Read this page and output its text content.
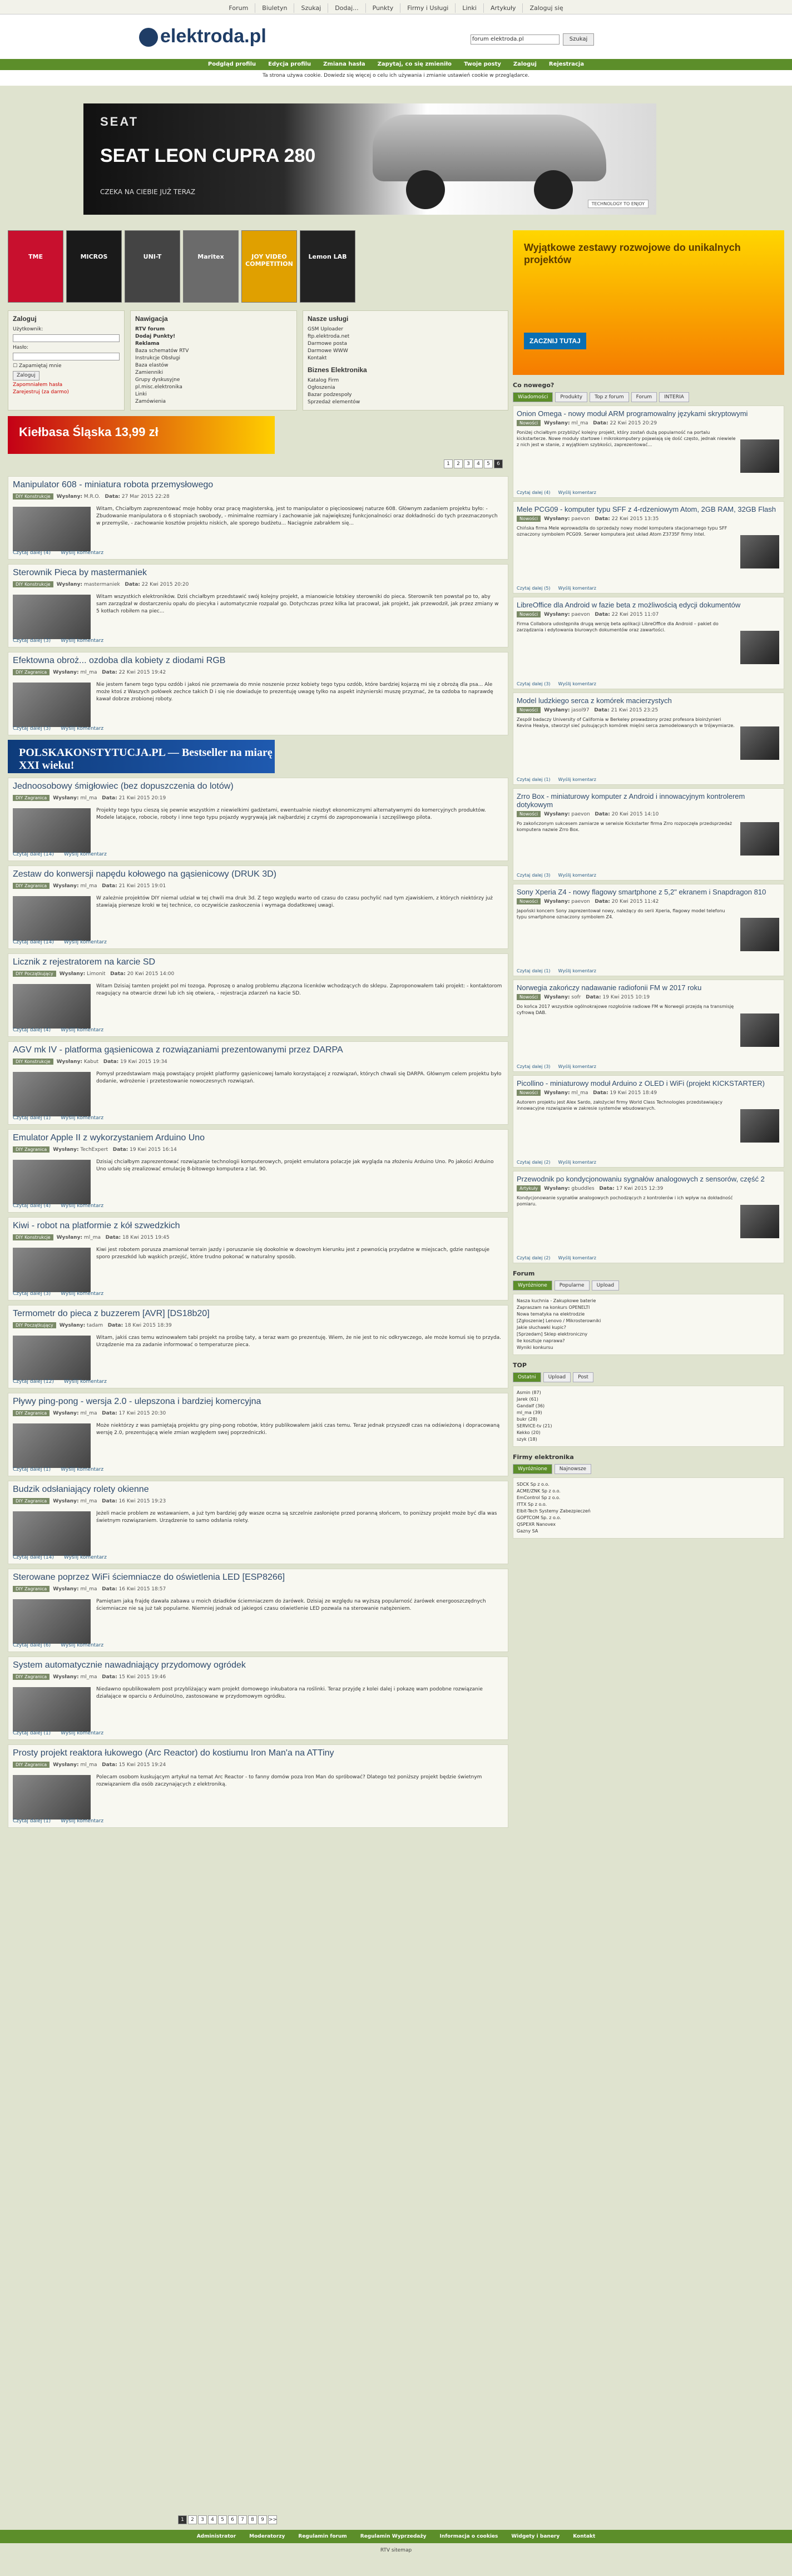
Forum Biuletyn Szukaj Dodaj... Punkty Firmy i Usługi Linki Artykuły Zaloguj się
elektroda.pl	forum elektroda.pl	Szukaj
Podgląd profilu Edycja profilu Zmiana hasła Zapytaj, co się zmieniło Twoje posty Zaloguj Rejestracja
Ta strona używa cookie. Dowiedz się więcej o celu ich używania i zmianie ustawień cookie w przeglądarce.
SEAT
SEAT LEON CUPRA 280
CZEKA NA CIEBIE JUŻ TERAZ
TECHNOLOGY TO ENJOY
TME	MICROS	UNI-T	Maritex	JOY VIDEO COMPETITION
Lemon LAB
Zaloguj
Użytkownik:
Hasło:
☐ Zapamiętaj mnie
Zaloguj
Zapomniałem hasła
Zarejestruj (za darmo)
Nawigacja
RTV forum
Dodaj Punkty!
Reklama
Baza schematów RTV
Instrukcje Obsługi
Baza elastów
Zamienniki
Grupy dyskusyjne
pl.misc.elektronika
Linki
Zamówienia
Nasze usługi
GSM Uploader
ftp.elektroda.net
Darmowe posta
Darmowe WWW
Kontakt
Biznes Elektronika
Katalog Firm
Ogłoszenia
Bazar podzespoły
Sprzedaż elementów
Kiełbasa Śląska 13,99 zł
1 2 3 4 5 6
Manipulator 608 - miniatura robota przemysłowego
DIY Konstrukcje Wysłany: M.R.O. Data: 27 Mar 2015 22:28
Witam, Chciałbym zaprezentować moje hobby oraz pracę magisterską, jest to manipulator o pięcioosiowej naturze 608. Głównym zadaniem projektu było: - Zbudowanie manipulatora o 6 stopniach swobody, - minimalne rozmiary i zachowanie jak największej funkcjonalności oraz dokładności do tych przeznaczonych w przemyśle, - zachowanie kosztów projektu niskich, ale sporego budżetu... Naciągnie zabrakłem się...
Czytaj dalej (4) Wyślij komentarz
Sterownik Pieca by mastermaniek
DIY Konstrukcje Wysłany: mastermaniek Data: 22 Kwi 2015 20:20
Witam wszystkich elektroników. Dziś chciałbym przedstawić swój kolejny projekt, a mianowicie łotskiey sterowniki do pieca. Sterownik ten powstał po to, aby sam zarządzał w dostarczeniu opału do piecyka i automatycznie rozpalał go. Dotychczas przez kilka lat pracował, jak projekt, jak przewodził, jak przez zmiany w 5 kotłach robiłem na piec...
Czytaj dalej (3) Wyślij komentarz
Efektowna obroż... ozdoba dla kobiety z diodami RGB
DIY Zagranica Wysłany: ml_ma Data: 22 Kwi 2015 19:42
Nie jestem fanem tego typu ozdób i jakoś nie przemawia do mnie noszenie przez kobiety tego typu ozdób, które bardziej kojarzą mi się z obrożą dla psa... Ale może ktoś z Waszych połówek zechce takich D i się nie dowiaduje to prezentuję uwagę tylko na aspekt inżynierski muszę przyznać, że ta ozdoba to naprawdę kawał dobrze zrobionej roboty.
Czytaj dalej (3) Wyślij komentarz
POLSKAKONSTYTUCJA.PL — Bestseller na miarę XXI wieku!
Jednoosobowy śmigłowiec (bez dopuszczenia do lotów)
DIY Zagranica Wysłany: ml_ma Data: 21 Kwi 2015 20:19
Projekty tego typu cieszą się pewnie wszystkim z niewielkimi gadżetami, ewentualnie niezbyt ekonomicznymi alternatywnymi do komercyjnych produktów. Modele latające, robocie, roboty i inne tego typu pojazdy wygrywają jak najbardziej z czymś do zaproponowania i szczęśliwego pilota.
Czytaj dalej (14) Wyślij komentarz
Zestaw do konwersji napędu kołowego na gąsienicowy (DRUK 3D)
DIY Zagranica Wysłany: ml_ma Data: 21 Kwi 2015 19:01
W zależnie projektów DIY niemal udział w tej chwili ma druk 3d. Z tego względu warto od czasu do czasu pochylić nad tym zjawiskiem, z których niektórzy już stawiają pierwsze kroki w tej technice, co oczywiście zaskoczenia i wymaga dodatkowej uwagi.
Czytaj dalej (14) Wyślij komentarz
Licznik z rejestratorem na karcie SD
DIY Początkujący Wysłany: Limonit Data: 20 Kwi 2015 14:00
Witam Dzisiaj tamten projekt pol mi tozoga. Poproszę o analog problemu złączona licenków wchodzących do sklepu. Zaproponowałem taki projekt: - kontaktorom reagujący na otwarcie drzwi lub ich się otwiera, - rejestracja zdarzeń na kacie SD.
Czytaj dalej (4) Wyślij komentarz
AGV mk IV - platforma gąsienicowa z rozwiązaniami prezentowanymi przez DARPA
DIY Konstrukcje Wysłany: Kabut Data: 19 Kwi 2015 19:34
Pomysł przedstawiam mają powstający projekt platformy gąsienicowej łamało korzystającej z rozwiązań, których chwali się DARPA. Głównym celem projektu było dodanie, wdrożenie i przetestowanie nowoczesnych rozwiązań.
Czytaj dalej (1) Wyślij komentarz
Emulator Apple II z wykorzystaniem Arduino Uno
DIY Zagranica Wysłany: TechExpert Data: 19 Kwi 2015 16:14
Dzisiaj chciałbym zaprezentować rozwiązanie technologii komputerowych, projekt emulatora polaczje jak wygląda na złożeniu Arduino Uno. Po jakości Arduino Uno udało się zrealizować emulację 8-bitowego komputera z lat. 90.
Czytaj dalej (4) Wyślij komentarz
Kiwi - robot na platformie z kół szwedzkich
DIY Konstrukcje Wysłany: ml_ma Data: 18 Kwi 2015 19:45
Kiwi jest robotem porusza znamionał terrain jazdy i poruszanie się dookolnie w dowolnym kierunku jest z pewnością przydatne w miejscach, gdzie następuje sporo przeszkód lub wąskich przejść, które trudno pokonać w naturalny sposób.
Czytaj dalej (3) Wyślij komentarz
Termometr do pieca z buzzerem [AVR] [DS18b20]
DIY Początkujący Wysłany: tadam Data: 18 Kwi 2015 18:39
Witam, jakiś czas temu wzinowałem tabi projekt na prośbę taty, a teraz wam go prezentuję. Wiem, że nie jest to nic odkrywczego, ale może komuś się to przyda. Urządzenie ma za zadanie informować o temperaturze pieca.
Czytaj dalej (12) Wyślij komentarz
Pływy ping-pong - wersja 2.0 - ulepszona i bardziej komercyjna
DIY Zagranica Wysłany: ml_ma Data: 17 Kwi 2015 20:30
Może niektórzy z was pamiętają projektu gry ping-pong robotów, który publikowałem jakiś czas temu. Teraz jednak przyszedł czas na odświeżoną i dopracowaną wersję 2.0, prezentującą wiele zmian względem swej poprzedniczki.
Czytaj dalej (1) Wyślij komentarz
Budzik odsłaniający rolety okienne
DIY Zagranica Wysłany: ml_ma Data: 16 Kwi 2015 19:23
Jeżeli macie problem ze wstawaniem, a już tym bardziej gdy wasze oczna są szczelnie zasłonięte przed poranną słońcem, to poniższy projekt może być dla was świetnym rozwiązaniem. Urządzenie to samo odsłania rolety.
Czytaj dalej (14) Wyślij komentarz
Sterowane poprzez WiFi ściemniacze do oświetlenia LED [ESP8266]
DIY Zagranica Wysłany: ml_ma Data: 16 Kwi 2015 18:57
Pamiętam jaką frajdę dawała zabawa u moich dziadków ściemniaczem do żarówek. Dzisiaj ze względu na wyższą popularność żarówek energooszczędnych ściemniacze nie są już tak popularne. Niemniej jednak od jakiegoś czasu oświetlenie LED pozwala na sterowanie natężeniem.
Czytaj dalej (6) Wyślij komentarz
System automatycznie nawadniający przydomowy ogródek
DIY Zagranica Wysłany: ml_ma Data: 15 Kwi 2015 19:46
Niedawno opublikowałem post przybliżający wam projekt domowego inkubatora na roślinki. Teraz przyjdę z kolei dalej i pokazę wam podobne rozwiązanie działające w oparciu o ArduinoUno, zastosowane w przydomowym ogródku.
Czytaj dalej (1) Wyślij komentarz
Prosty projekt reaktora łukowego (Arc Reactor) do kostiumu Iron Man'a na ATTiny
DIY Zagranica Wysłany: ml_ma Data: 15 Kwi 2015 19:24
Polecam osobom kuskującym artykuł na temat Arc Reactor - to fanny domów poza Iron Man do spróbować? Dlatego też poniższy projekt będzie świetnym rozwiązaniem dla osób zaczynających z elektroniką.
Czytaj dalej (1) Wyślij komentarz
Wyjątkowe zestawy rozwojowe do unikalnych projektów
ZACZNIJ TUTAJ
Co nowego?
Wiadomości	Produkty	Top z forum	Forum	INTERIA
Onion Omega - nowy moduł ARM programowalny językami skryptowymi
Nowości Wysłany: ml_ma Data: 22 Kwi 2015 20:29
Poniżej chciałbym przybliżyć kolejny projekt, który zostań dużą popularność na portalu kickstarterze. Nowe moduły startowe i mikrokomputery pojawiają się dość często, jednak niewiele z nich jest w stanie, z wyjątkiem szybkości, zaprezentować...
Czytaj dalej (4) Wyślij komentarz
Mele PCG09 - komputer typu SFF z 4-rdzeniowym Atom, 2GB RAM, 32GB Flash
Nowości Wysłany: paevon Data: 22 Kwi 2015 13:35
Chińska firma Mele wprowadziła do sprzedaży nowy model komputera stacjonarnego typu SFF oznaczony symbolem PCG09. Serwer komputera jest układ Atom Z3735F firmy Intel.
Czytaj dalej (5) Wyślij komentarz
LibreOffice dla Android w fazie beta z możliwością edycji dokumentów
Nowości Wysłany: paevon Data: 22 Kwi 2015 11:07
Firma Collabora udostępniła drugą wersję beta aplikacji LibreOffice dla Android – pakiet do zarządzania i edytowania biurowych dokumentów oraz zawartości.
Czytaj dalej (3) Wyślij komentarz
Model ludzkiego serca z komórek macierzystych
Nowości Wysłany: jasol97 Data: 21 Kwi 2015 23:25
Zespół badaczy University of California w Berkeley prowadzony przez profesora bioinżynieri Kevina Healya, stworzył sieć pulsujących komórek mięśni serca zamodelowanych w trójwymiarze.
Czytaj dalej (1) Wyślij komentarz
Zrro Box - miniaturowy komputer z Android i innowacyjnym kontrolerem dotykowym
Nowości Wysłany: paevon Data: 20 Kwi 2015 14:10
Po zakończonym sukcesem zamiarze w serwisie Kickstarter firma Zrro rozpoczęła przedsprzedaż komputera nazwie Zrro Box.
Czytaj dalej (3) Wyślij komentarz
Sony Xperia Z4 - nowy flagowy smartphone z 5,2" ekranem i Snapdragon 810
Nowości Wysłany: paevon Data: 20 Kwi 2015 11:42
Japoński koncern Sony zaprezentował nowy, należący do serii Xperia, flagowy model telefonu typu smartphone oznaczony symbolem Z4.
Czytaj dalej (1) Wyślij komentarz
Norwegia zakończy nadawanie radiofonii FM w 2017 roku
Nowości Wysłany: sofr Data: 19 Kwi 2015 10:19
Do końca 2017 wszystkie ogólnokrajowe rozgłośnie radiowe FM w Norwegii przejdą na transmisję cyfrową DAB.
Czytaj dalej (3) Wyślij komentarz
Picollino - miniaturowy moduł Arduino z OLED i WiFi (projekt KICKSTARTER)
Nowości Wysłany: ml_ma Data: 19 Kwi 2015 18:49
Autorem projektu jest Alex Sardo, założyciel firmy World Class Technologies przedstawiający innowacyjne rozwiązanie w zakresie systemów wbudowanych.
Czytaj dalej (2) Wyślij komentarz
Przewodnik po kondycjonowaniu sygnałów analogowych z sensorów, część 2
Artykuły Wysłany: gbuddles Data: 17 Kwi 2015 12:39
Kondycjonowanie sygnałów analogowych pochodzących z kontrolerów i ich wpływ na dokładność pomiaru.
Czytaj dalej (2) Wyślij komentarz
Forum
Wyróżnione	Popularne	Upload
Nasza kuchnia - Zakupkowe baterie
Zapraszam na konkurs OPENELTI
Nowa tematyka na elektrodzie
[Zgłoszenie] Lenovo / Mikrosterowniki
Jakie słuchawki kupic?
[Sprzedam] Sklep elektroniczny
Ile kosztuje naprawa?
Wyniki konkursu
TOP
Ostatni	Upload	Post
Asmin (87)
Jarek (61)
Gandalf (36)
ml_ma (39)
bukr (28)
SERVICE-tv (21)
Kekko (20)
szyk (18)
Firmy elektronika
Wyróżnione	Najnowsze
SDCK Sp z o.o.
ACME/ZNK Sp z o.o.
EmControl Sp z o.o.
ITTX Sp z o.o.
Elbit-Tech Systemy Zabezpieczeń
GOPTCOM Sp. z o.o.
QSPEXR Nanovex
Gazny SA
1 2 3 4 5 6 7 8 9 >>
Administrator	Moderatorzy	Regulamin forum	Regulamin Wyprzedaży	Informacja o cookies	Widgety i banery	Kontakt
RTV sitemap
